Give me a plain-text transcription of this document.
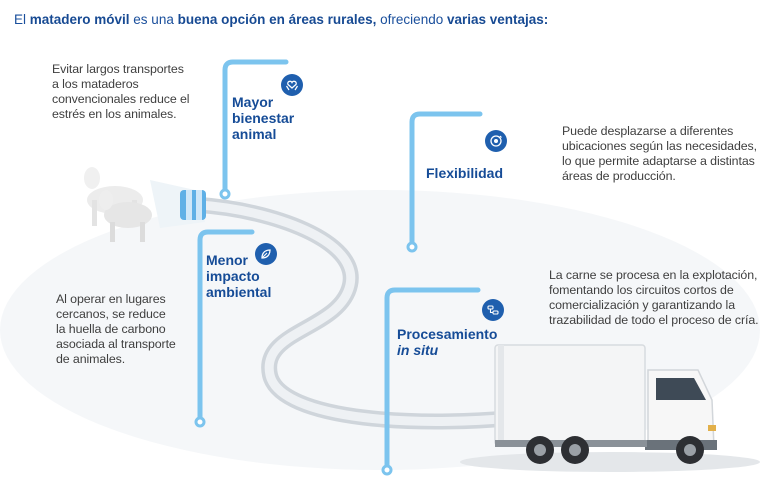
El matadero móvil es una buena opción en áreas rurales, ofreciendo varias ventajas:
Evitar largos transportes
a los mataderos
convencionales reduce el
estrés en los animales.
Mayor
bienestar
animal
Flexibilidad
Puede desplazarse a diferentes
ubicaciones según las necesidades,
lo que permite adaptarse a distintas
áreas de producción.
Menor
impacto
ambiental
Al operar en lugares
cercanos, se reduce
la huella de carbono
asociada al transporte
de animales.
Procesamiento
in situ
La carne se procesa en la explotación,
fomentando los circuitos cortos de
comercialización y garantizando la
trazabilidad de todo el proceso de cría.
